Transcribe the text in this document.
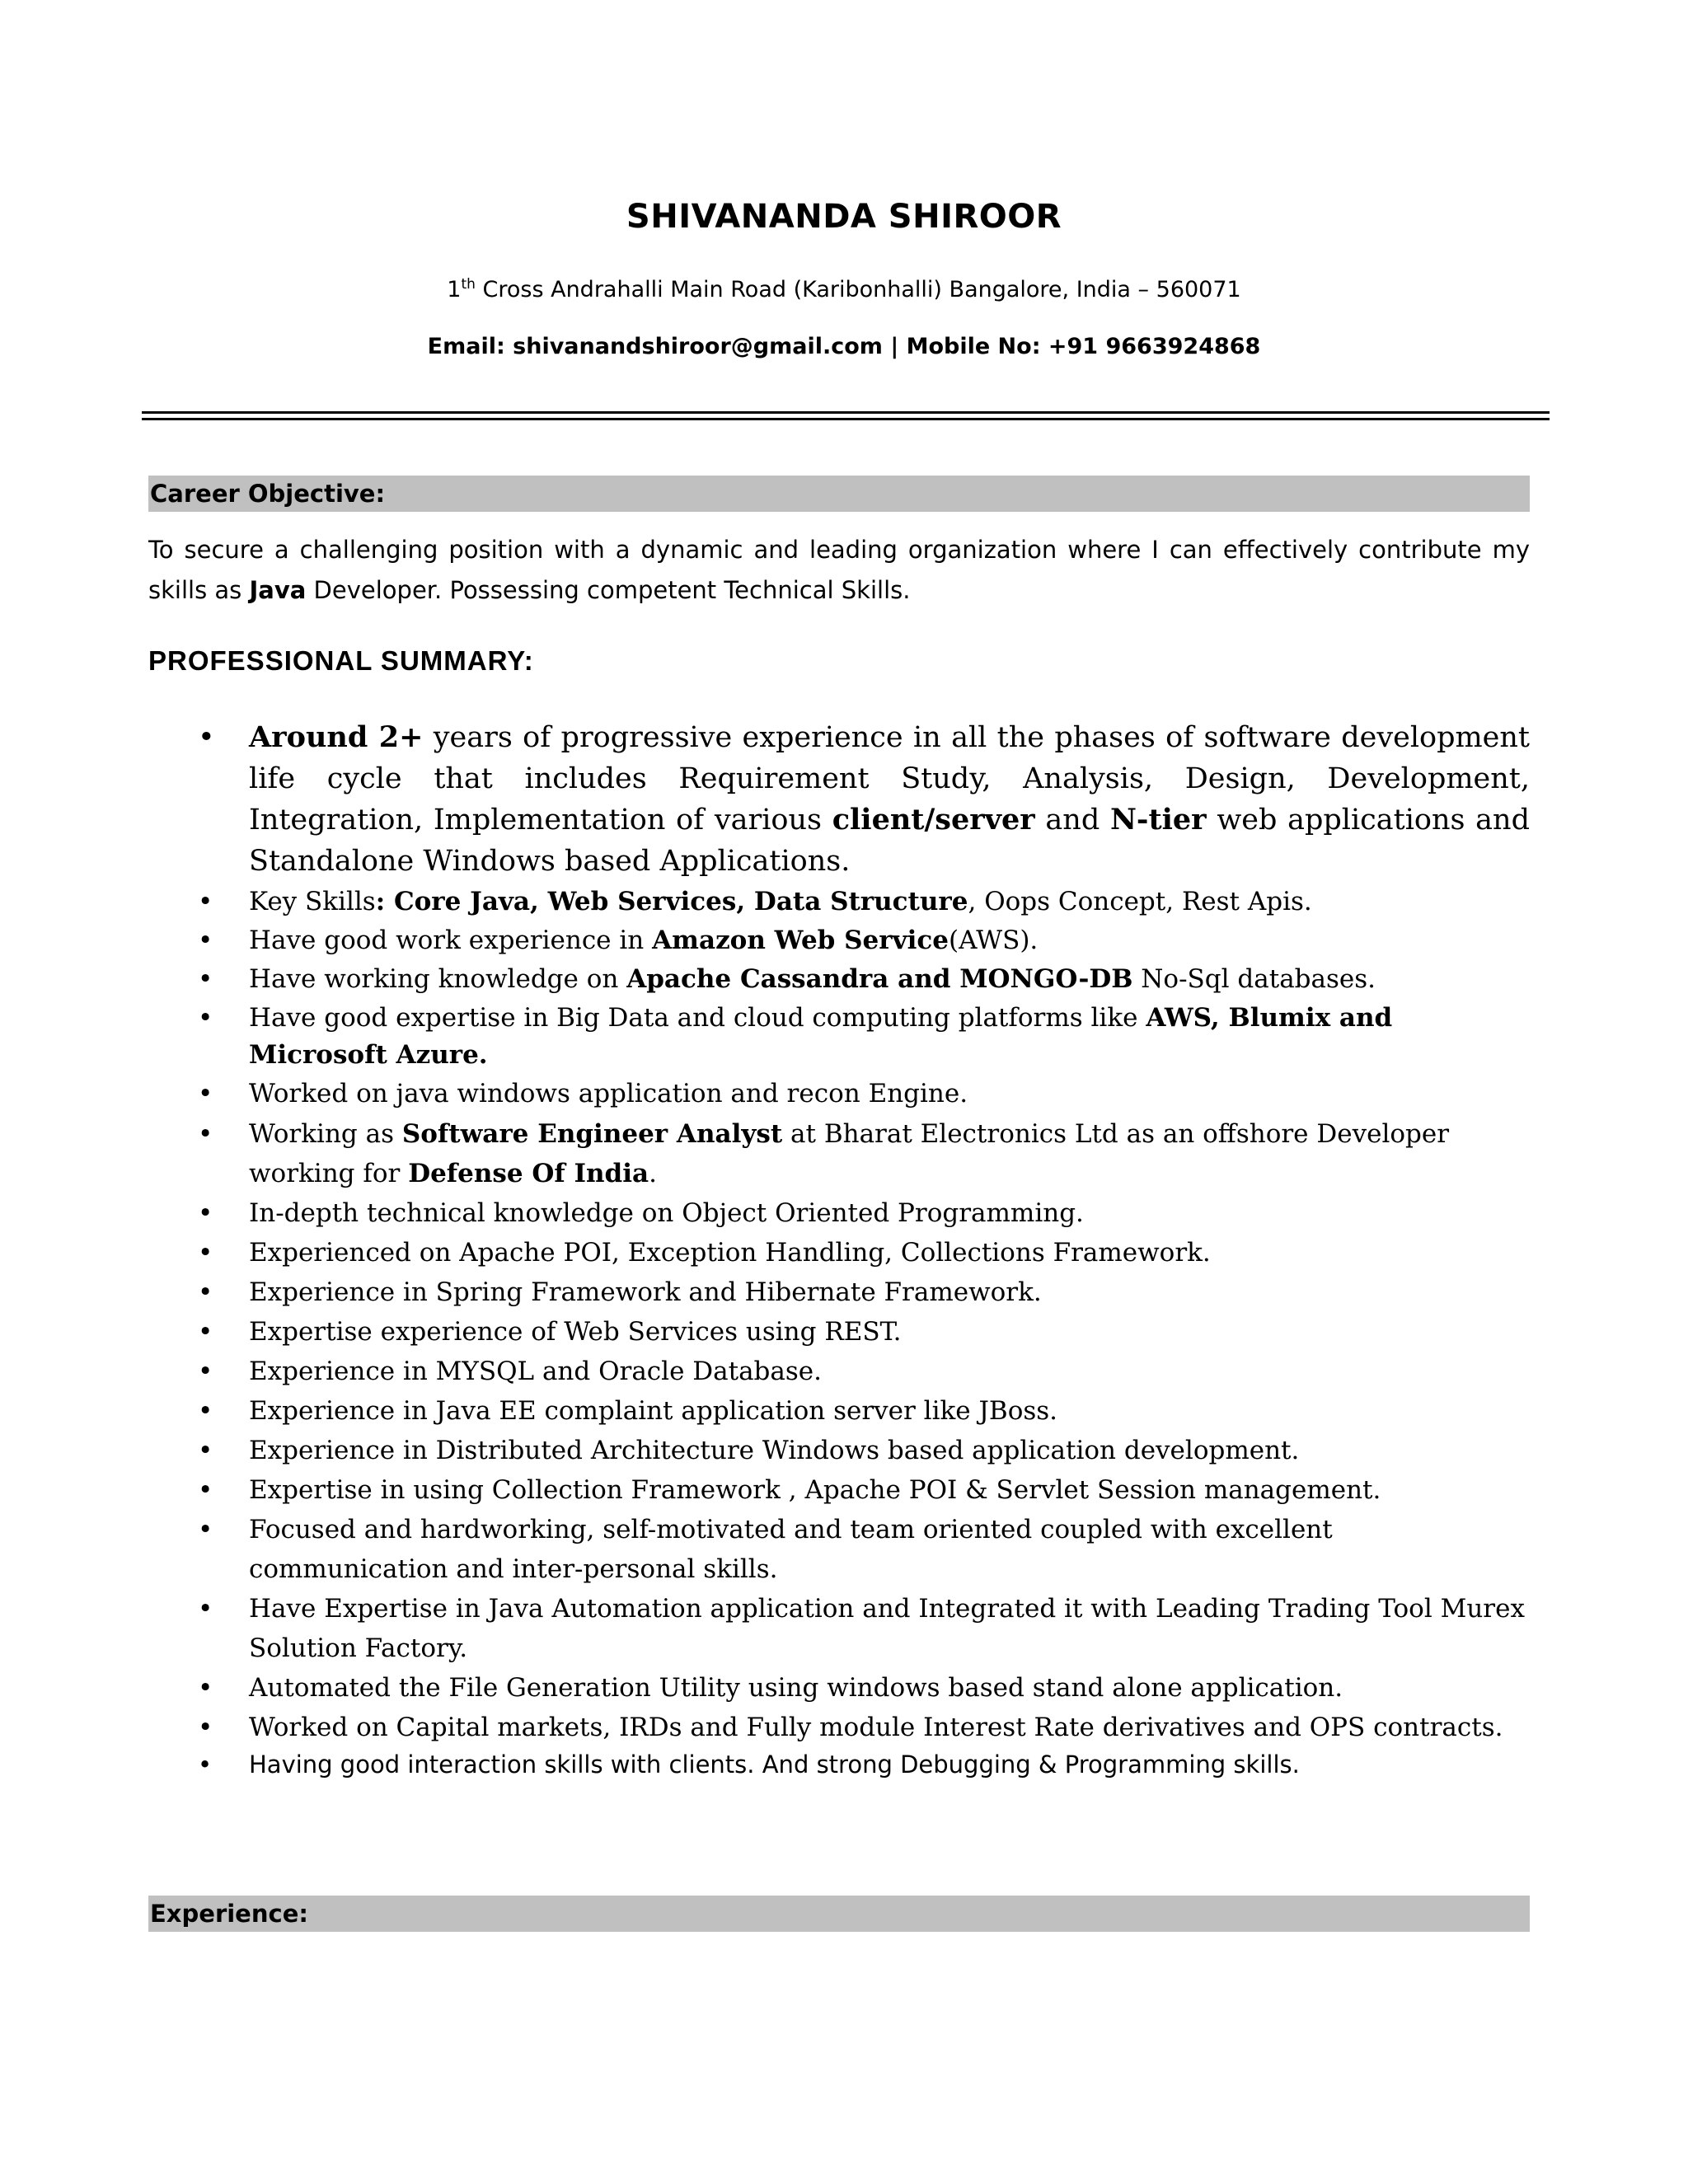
SHIVANANDA SHIROOR
1th Cross Andrahalli Main Road (Karibonhalli) Bangalore, India – 560071
Email: shivanandshiroor@gmail.com | Mobile No: +91 9663924868
Career Objective:
To secure a challenging position with a dynamic and leading organization where I can effectively contribute my skills as Java Developer. Possessing competent Technical Skills.
PROFESSIONAL SUMMARY:
• Around 2+ years of progressive experience in all the phases of software development life cycle that includes Requirement Study, Analysis, Design, Development, Integration, Implementation of various client/server and N-tier web applications and Standalone Windows based Applications.
• Key Skills: Core Java, Web Services, Data Structure, Oops Concept, Rest Apis.
• Have good work experience in Amazon Web Service(AWS).
• Have working knowledge on Apache Cassandra and MONGO-DB No-Sql databases.
• Have good expertise in Big Data and cloud computing platforms like AWS, Blumix and Microsoft Azure.
• Worked on java windows application and recon Engine.
• Working as Software Engineer Analyst at Bharat Electronics Ltd as an offshore Developer working for Defense Of India.
• In-depth technical knowledge on Object Oriented Programming.
• Experienced on Apache POI, Exception Handling, Collections Framework.
• Experience in Spring Framework and Hibernate Framework.
• Expertise experience of Web Services using REST.
• Experience in MYSQL and Oracle Database.
• Experience in Java EE complaint application server like JBoss.
• Experience in Distributed Architecture Windows based application development.
• Expertise in using Collection Framework , Apache POI & Servlet Session management.
• Focused and hardworking, self-motivated and team oriented coupled with excellent communication and inter-personal skills.
• Have Expertise in Java Automation application and Integrated it with Leading Trading Tool Murex Solution Factory.
• Automated the File Generation Utility using windows based stand alone application.
• Worked on Capital markets, IRDs and Fully module Interest Rate derivatives and OPS contracts.
• Having good interaction skills with clients. And strong Debugging & Programming skills.
Experience:
